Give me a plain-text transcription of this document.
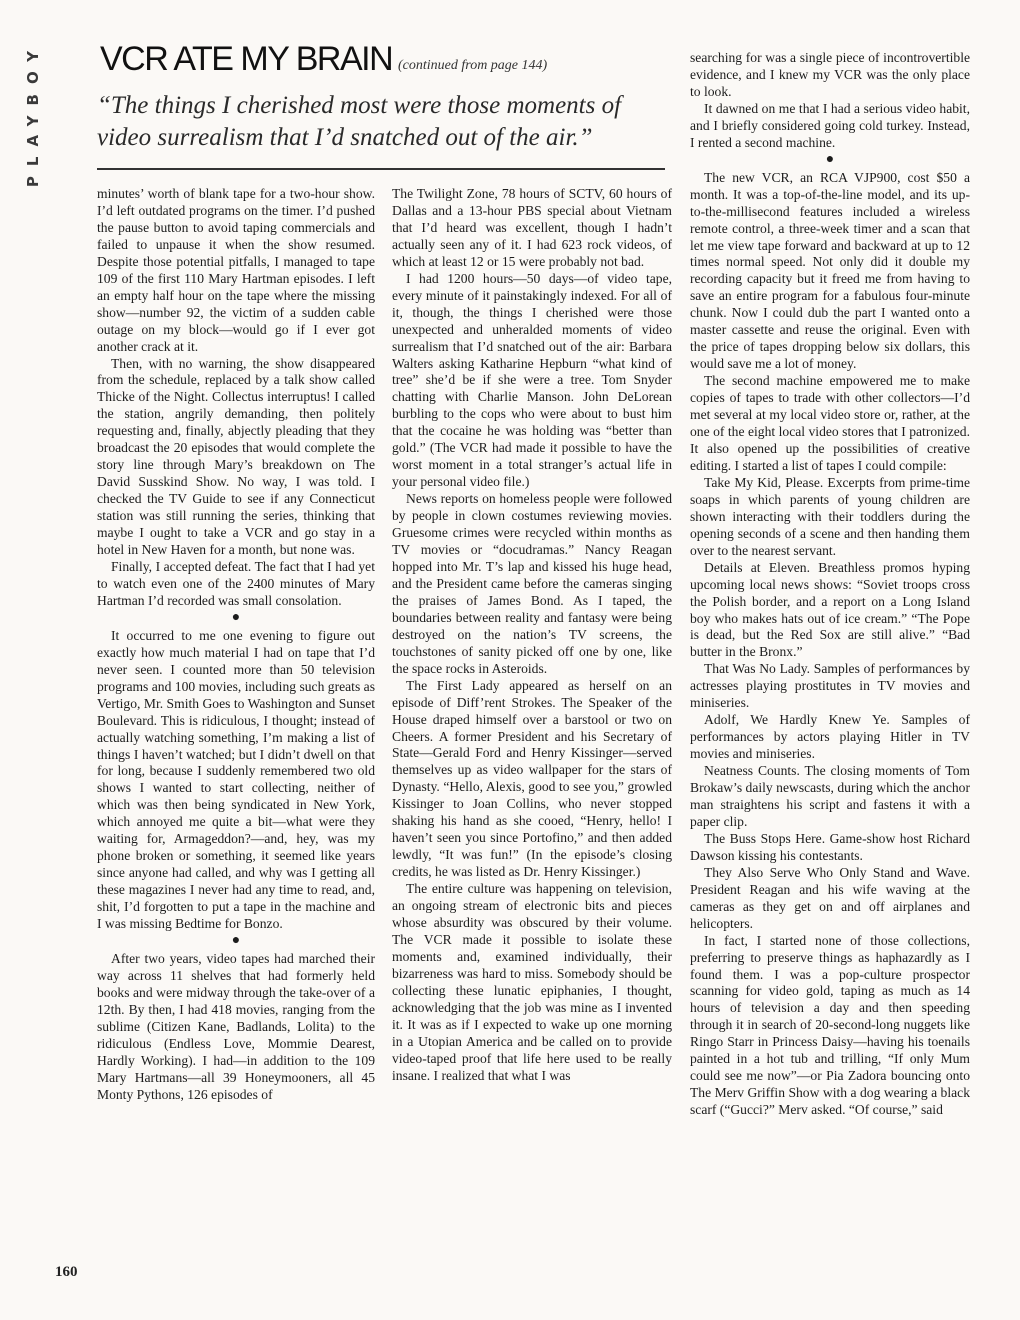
PLAYBOY VCR ATE MY BRAIN (continued from page 144)
“The things I cherished most were those moments of video surrealism that I’d snatched out of the air.”

minutes’ worth of blank tape for a two-hour show. I’d left outdated programs on the timer. I’d pushed the pause button to avoid taping commercials and failed to unpause it when the show resumed. Despite those potential pitfalls, I managed to tape 109 of the first 110 Mary Hartman episodes. I left an empty half hour on the tape where the missing show—number 92, the victim of a sudden cable outage on my block—would go if I ever got another crack at it.

Then, with no warning, the show disappeared from the schedule, replaced by a talk show called Thicke of the Night. Collectus interruptus! I called the station, angrily demanding, then politely requesting and, finally, abjectly pleading that they broadcast the 20 episodes that would complete the story line through Mary’s breakdown on The David Susskind Show. No way, I was told. I checked the TV Guide to see if any Connecticut station was still running the series, thinking that maybe I ought to take a VCR and go stay in a hotel in New Haven for a month, but none was.

Finally, I accepted defeat. The fact that I had yet to watch even one of the 2400 minutes of Mary Hartman I’d recorded was small consolation.

●

It occurred to me one evening to figure out exactly how much material I had on tape that I’d never seen. I counted more than 50 television programs and 100 movies, including such greats as Vertigo, Mr. Smith Goes to Washington and Sunset Boulevard. This is ridiculous, I thought; instead of actually watching something, I’m making a list of things I haven’t watched; but I didn’t dwell on that for long, because I suddenly remembered two old shows I wanted to start collecting, neither of which was then being syndicated in New York, which annoyed me quite a bit—what were they waiting for, Armageddon?—and, hey, was my phone broken or something, it seemed like years since anyone had called, and why was I getting all these magazines I never had any time to read, and, shit, I’d forgotten to put a tape in the machine and I was missing Bedtime for Bonzo.

●

After two years, video tapes had marched their way across 11 shelves that had formerly held books and were midway through the take-over of a 12th. By then, I had 418 movies, ranging from the sublime (Citizen Kane, Badlands, Lolita) to the ridiculous (Endless Love, Mommie Dearest, Hardly Working). I had—in addition to the 109 Mary Hartmans—all 39 Honeymooners, all 45 Monty Pythons, 126 episodes of

The Twilight Zone, 78 hours of SCTV, 60 hours of Dallas and a 13-hour PBS special about Vietnam that I’d heard was excellent, though I hadn’t actually seen any of it. I had 623 rock videos, of which at least 12 or 15 were probably not bad.

I had 1200 hours—50 days—of video tape, every minute of it painstakingly indexed. For all of it, though, the things I cherished were those unexpected and unheralded moments of video surrealism that I’d snatched out of the air: Barbara Walters asking Katharine Hepburn “what kind of tree” she’d be if she were a tree. Tom Snyder chatting with Charlie Manson. John DeLorean burbling to the cops who were about to bust him that the cocaine he was holding was “better than gold.” (The VCR had made it possible to have the worst moment in a total stranger’s actual life in your personal video file.)

News reports on homeless people were followed by people in clown costumes reviewing movies. Gruesome crimes were recycled within months as TV movies or “docudramas.” Nancy Reagan hopped into Mr. T’s lap and kissed his huge head, and the President came before the cameras singing the praises of James Bond. As I taped, the boundaries between reality and fantasy were being destroyed on the nation’s TV screens, the touchstones of sanity picked off one by one, like the space rocks in Asteroids.

The First Lady appeared as herself on an episode of Diff’rent Strokes. The Speaker of the House draped himself over a barstool or two on Cheers. A former President and his Secretary of State—Gerald Ford and Henry Kissinger—served themselves up as video wallpaper for the stars of Dynasty. “Hello, Alexis, good to see you,” growled Kissinger to Joan Collins, who never stopped shaking his hand as she cooed, “Henry, hello! I haven’t seen you since Portofino,” and then added lewdly, “It was fun!” (In the episode’s closing credits, he was listed as Dr. Henry Kissinger.)

The entire culture was happening on television, an ongoing stream of electronic bits and pieces whose absurdity was obscured by their volume. The VCR made it possible to isolate these moments and, examined individually, their bizarreness was hard to miss. Somebody should be collecting these lunatic epiphanies, I thought, acknowledging that the job was mine as I invented it. It was as if I expected to wake up one morning in a Utopian America and be called on to provide video-taped proof that life here used to be really insane. I realized that what I was

searching for was a single piece of incontrovertible evidence, and I knew my VCR was the only place to look.

It dawned on me that I had a serious video habit, and I briefly considered going cold turkey. Instead, I rented a second machine.

●

The new VCR, an RCA VJP900, cost $50 a month. It was a top-of-the-line model, and its up-to-the-millisecond features included a wireless remote control, a three-week timer and a scan that let me view tape forward and backward at up to 12 times normal speed. Not only did it double my recording capacity but it freed me from having to save an entire program for a fabulous four-minute chunk. Now I could dub the part I wanted onto a master cassette and reuse the original. Even with the price of tapes dropping below six dollars, this would save me a lot of money.

The second machine empowered me to make copies of tapes to trade with other collectors—I’d met several at my local video store or, rather, at the one of the eight local video stores that I patronized. It also opened up the possibilities of creative editing. I started a list of tapes I could compile:

Take My Kid, Please. Excerpts from prime-time soaps in which parents of young children are shown interacting with their toddlers during the opening seconds of a scene and then handing them over to the nearest servant.

Details at Eleven. Breathless promos hyping upcoming local news shows: “Soviet troops cross the Polish border, and a report on a Long Island boy who makes hats out of ice cream.” “The Pope is dead, but the Red Sox are still alive.” “Bad butter in the Bronx.”

That Was No Lady. Samples of performances by actresses playing prostitutes in TV movies and miniseries.

Adolf, We Hardly Knew Ye. Samples of performances by actors playing Hitler in TV movies and miniseries.

Neatness Counts. The closing moments of Tom Brokaw’s daily newscasts, during which the anchor man straightens his script and fastens it with a paper clip.

The Buss Stops Here. Game-show host Richard Dawson kissing his contestants.

They Also Serve Who Only Stand and Wave. President Reagan and his wife waving at the cameras as they get on and off airplanes and helicopters.

In fact, I started none of those collections, preferring to preserve things as haphazardly as I found them. I was a pop-culture prospector scanning for video gold, taping as much as 14 hours of television a day and then speeding through it in search of 20-second-long nuggets like Ringo Starr in Princess Daisy—having his toenails painted in a hot tub and trilling, “If only Mum could see me now”—or Pia Zadora bouncing onto The Merv Griffin Show with a dog wearing a black scarf (“Gucci?” Merv asked. “Of course,” said

160
